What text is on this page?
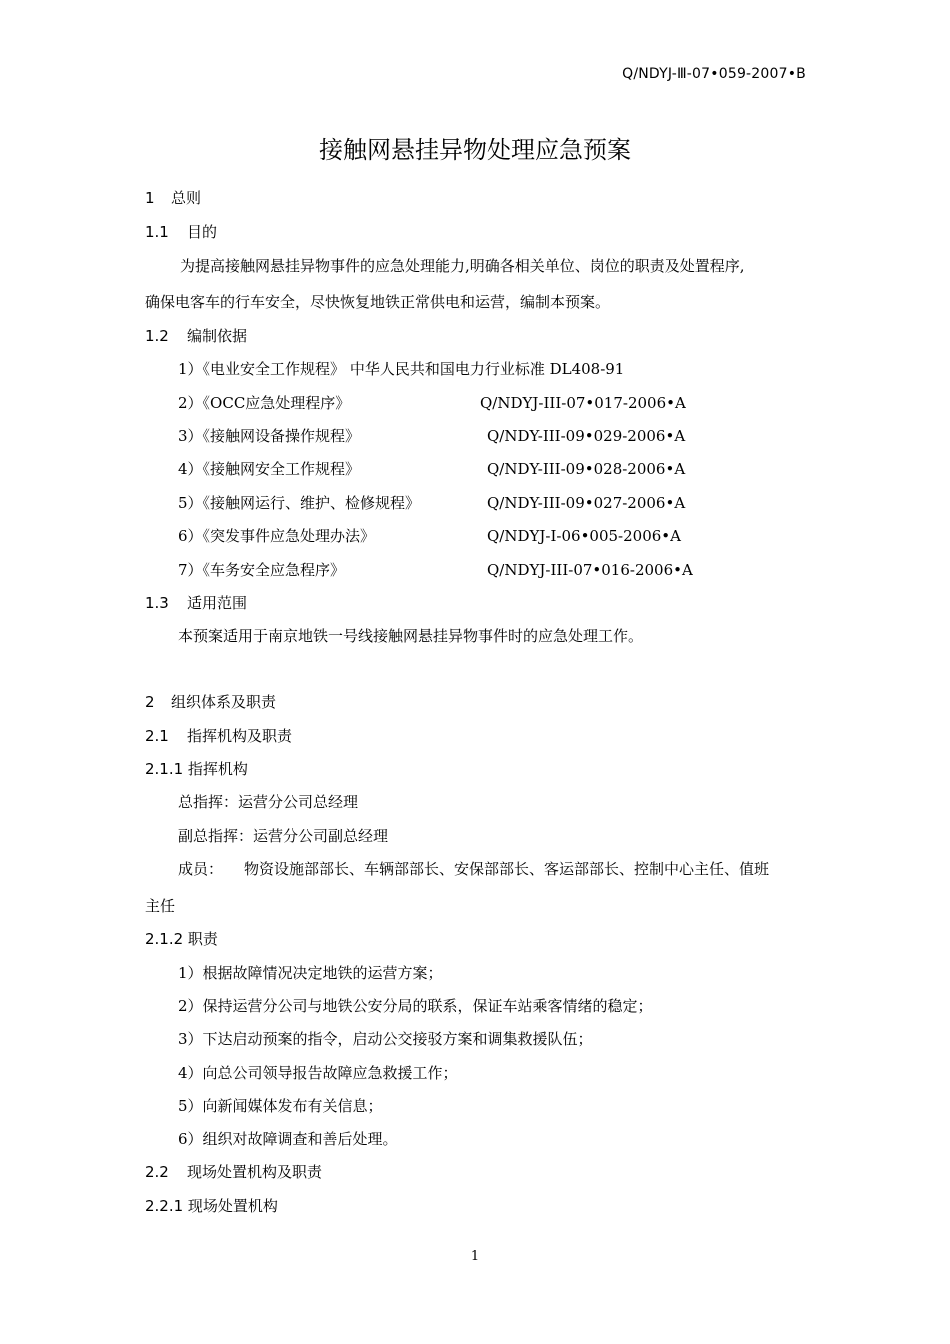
Q/NDYJ-Ⅲ-07•059-2007•B
接触网悬挂异物处理应急预案
1 总则
1.1 目的
为提高接触网悬挂异物事件的应急处理能力,明确各相关单位、岗位的职责及处置程序,
确保电客车的行车安全，尽快恢复地铁正常供电和运营，编制本预案。
1.2 编制依据
1）《电业安全工作规程》 中华人民共和国电力行业标准 DL408-91
2）《OCC应急处理程序》	Q/NDYJ-III-07•017-2006•A
3）《接触网设备操作规程》	Q/NDY-III-09•029-2006•A
4）《接触网安全工作规程》	Q/NDY-III-09•028-2006•A
5）《接触网运行、维护、检修规程》	Q/NDY-III-09•027-2006•A
6）《突发事件应急处理办法》	Q/NDYJ-Ⅰ-06•005-2006•A
7）《车务安全应急程序》	Q/NDYJ-III-07•016-2006•A
1.3 适用范围
本预案适用于南京地铁一号线接触网悬挂异物事件时的应急处理工作。
2 组织体系及职责
2.1 指挥机构及职责
2.1.1 指挥机构
总指挥：运营分公司总经理
副总指挥：运营分公司副总经理
成员： 物资设施部部长、车辆部部长、安保部部长、客运部部长、控制中心主任、值班
主任
2.1.2 职责
1）根据故障情况决定地铁的运营方案；
2）保持运营分公司与地铁公安分局的联系，保证车站乘客情绪的稳定；
3）下达启动预案的指令，启动公交接驳方案和调集救援队伍；
4）向总公司领导报告故障应急救援工作；
5）向新闻媒体发布有关信息；
6）组织对故障调查和善后处理。
2.2 现场处置机构及职责
2.2.1 现场处置机构
1
